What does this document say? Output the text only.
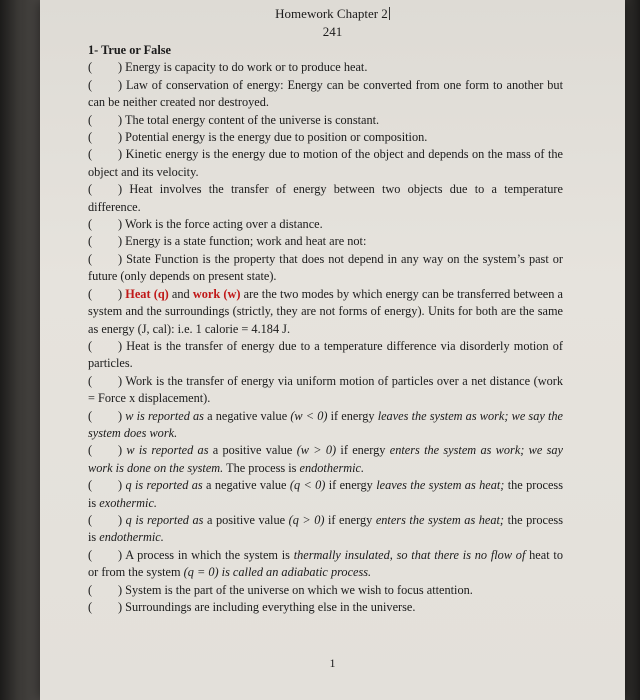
Homework Chapter 2
241

1- True or False

( ) Energy is capacity to do work or to produce heat.

( ) Law of conservation of energy: Energy can be converted from one form to another but can be neither created nor destroyed.

( ) The total energy content of the universe is constant.

( ) Potential energy is the energy due to position or composition.

( ) Kinetic energy is the energy due to motion of the object and depends on the mass of the object and its velocity.

( ) Heat involves the transfer of energy between two objects due to a temperature difference.

( ) Work is the force acting over a distance.

( ) Energy is a state function; work and heat are not:

( ) State Function is the property that does not depend in any way on the system’s past or future (only depends on present state).

( ) Heat (q) and work (w) are the two modes by which energy can be transferred between a system and the surroundings (strictly, they are not forms of energy). Units for both are the same as energy (J, cal): i.e. 1 calorie = 4.184 J.

( ) Heat is the transfer of energy due to a temperature difference via disorderly motion of particles.

( ) Work is the transfer of energy via uniform motion of particles over a net distance (work = Force x displacement).

( ) w is reported as a negative value (w < 0) if energy leaves the system as work; we say the system does work.

( ) w is reported as a positive value (w > 0) if energy enters the system as work; we say work is done on the system. The process is endothermic.

( ) q is reported as a negative value (q < 0) if energy leaves the system as heat; the process is exothermic.

( ) q is reported as a positive value (q > 0) if energy enters the system as heat; the process is endothermic.

( ) A process in which the system is thermally insulated, so that there is no flow of heat to or from the system (q = 0) is called an adiabatic process.

( ) System is the part of the universe on which we wish to focus attention.

( ) Surroundings are including everything else in the universe.

1
